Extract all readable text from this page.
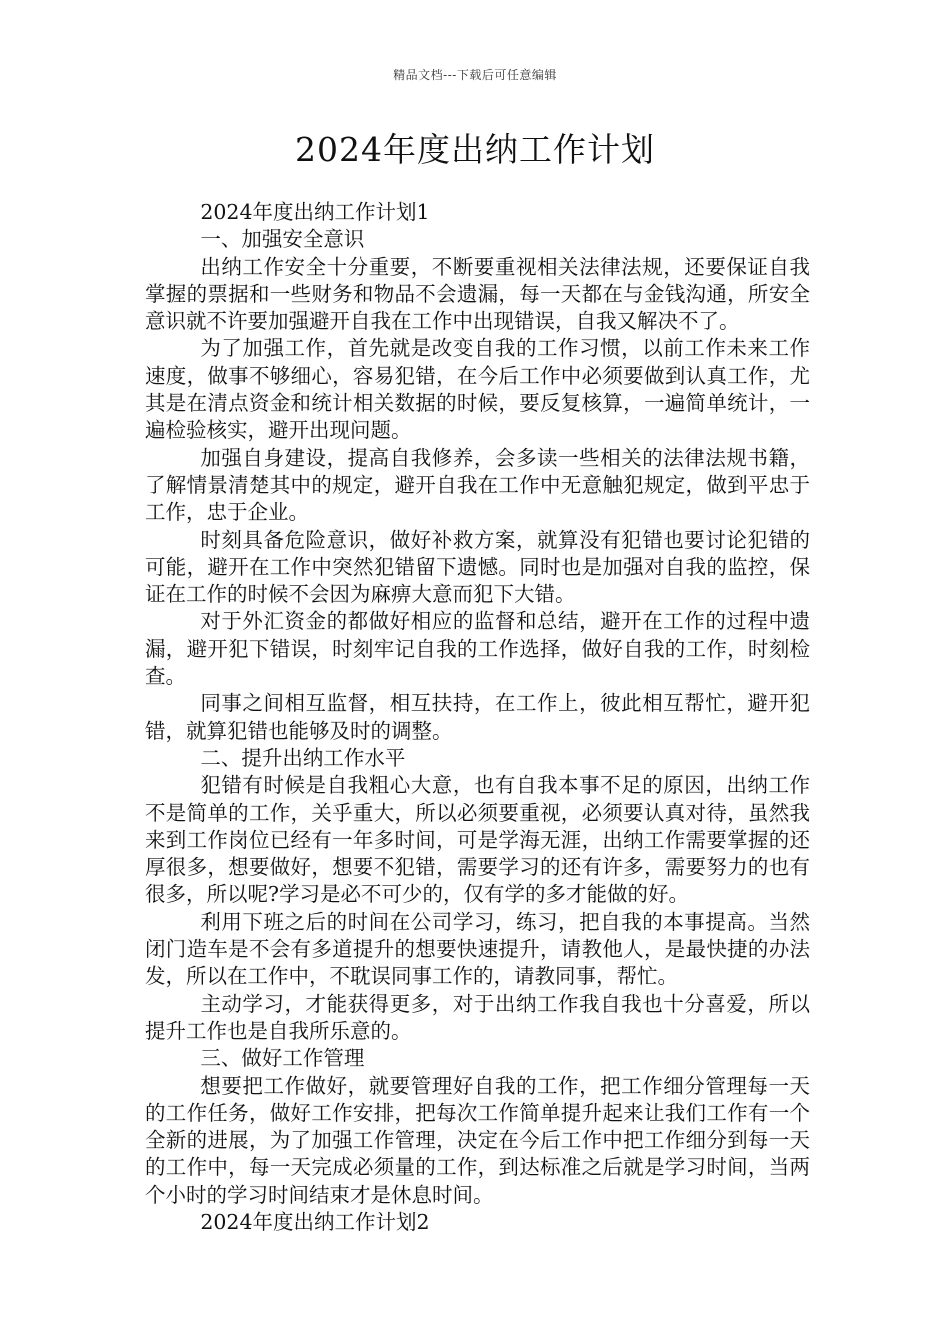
精品文档---下载后可任意编辑
2024年度出纳工作计划

2024年度出纳工作计划1

一、加强安全意识

出纳工作安全十分重要，不断要重视相关法律法规，还要保证自我掌握的票据和一些财务和物品不会遗漏，每一天都在与金钱沟通，所安全意识就不许要加强避开自我在工作中出现错误，自我又解决不了。

为了加强工作，首先就是改变自我的工作习惯，以前工作未来工作速度，做事不够细心，容易犯错，在今后工作中必须要做到认真工作，尤其是在清点资金和统计相关数据的时候，要反复核算，一遍简单统计，一遍检验核实，避开出现问题。

加强自身建设，提高自我修养，会多读一些相关的法律法规书籍，了解情景清楚其中的规定，避开自我在工作中无意触犯规定，做到平忠于工作，忠于企业。

时刻具备危险意识，做好补救方案，就算没有犯错也要讨论犯错的可能，避开在工作中突然犯错留下遗憾。同时也是加强对自我的监控，保证在工作的时候不会因为麻痹大意而犯下大错。

对于外汇资金的都做好相应的监督和总结，避开在工作的过程中遗漏，避开犯下错误，时刻牢记自我的工作选择，做好自我的工作，时刻检查。

同事之间相互监督，相互扶持，在工作上，彼此相互帮忙，避开犯错，就算犯错也能够及时的调整。

二、提升出纳工作水平

犯错有时候是自我粗心大意，也有自我本事不足的原因，出纳工作不是简单的工作，关乎重大，所以必须要重视，必须要认真对待，虽然我来到工作岗位已经有一年多时间，可是学海无涯，出纳工作需要掌握的还厚很多，想要做好，想要不犯错，需要学习的还有许多，需要努力的也有很多，所以呢?学习是必不可少的，仅有学的多才能做的好。

利用下班之后的时间在公司学习，练习，把自我的本事提高。当然闭门造车是不会有多道提升的想要快速提升，请教他人，是最快捷的办法发，所以在工作中，不耽误同事工作的，请教同事，帮忙。

主动学习，才能获得更多，对于出纳工作我自我也十分喜爱，所以提升工作也是自我所乐意的。

三、做好工作管理

想要把工作做好，就要管理好自我的工作，把工作细分管理每一天的工作任务，做好工作安排，把每次工作简单提升起来让我们工作有一个全新的进展，为了加强工作管理，决定在今后工作中把工作细分到每一天的工作中，每一天完成必须量的工作，到达标准之后就是学习时间，当两个小时的学习时间结束才是休息时间。

2024年度出纳工作计划2
